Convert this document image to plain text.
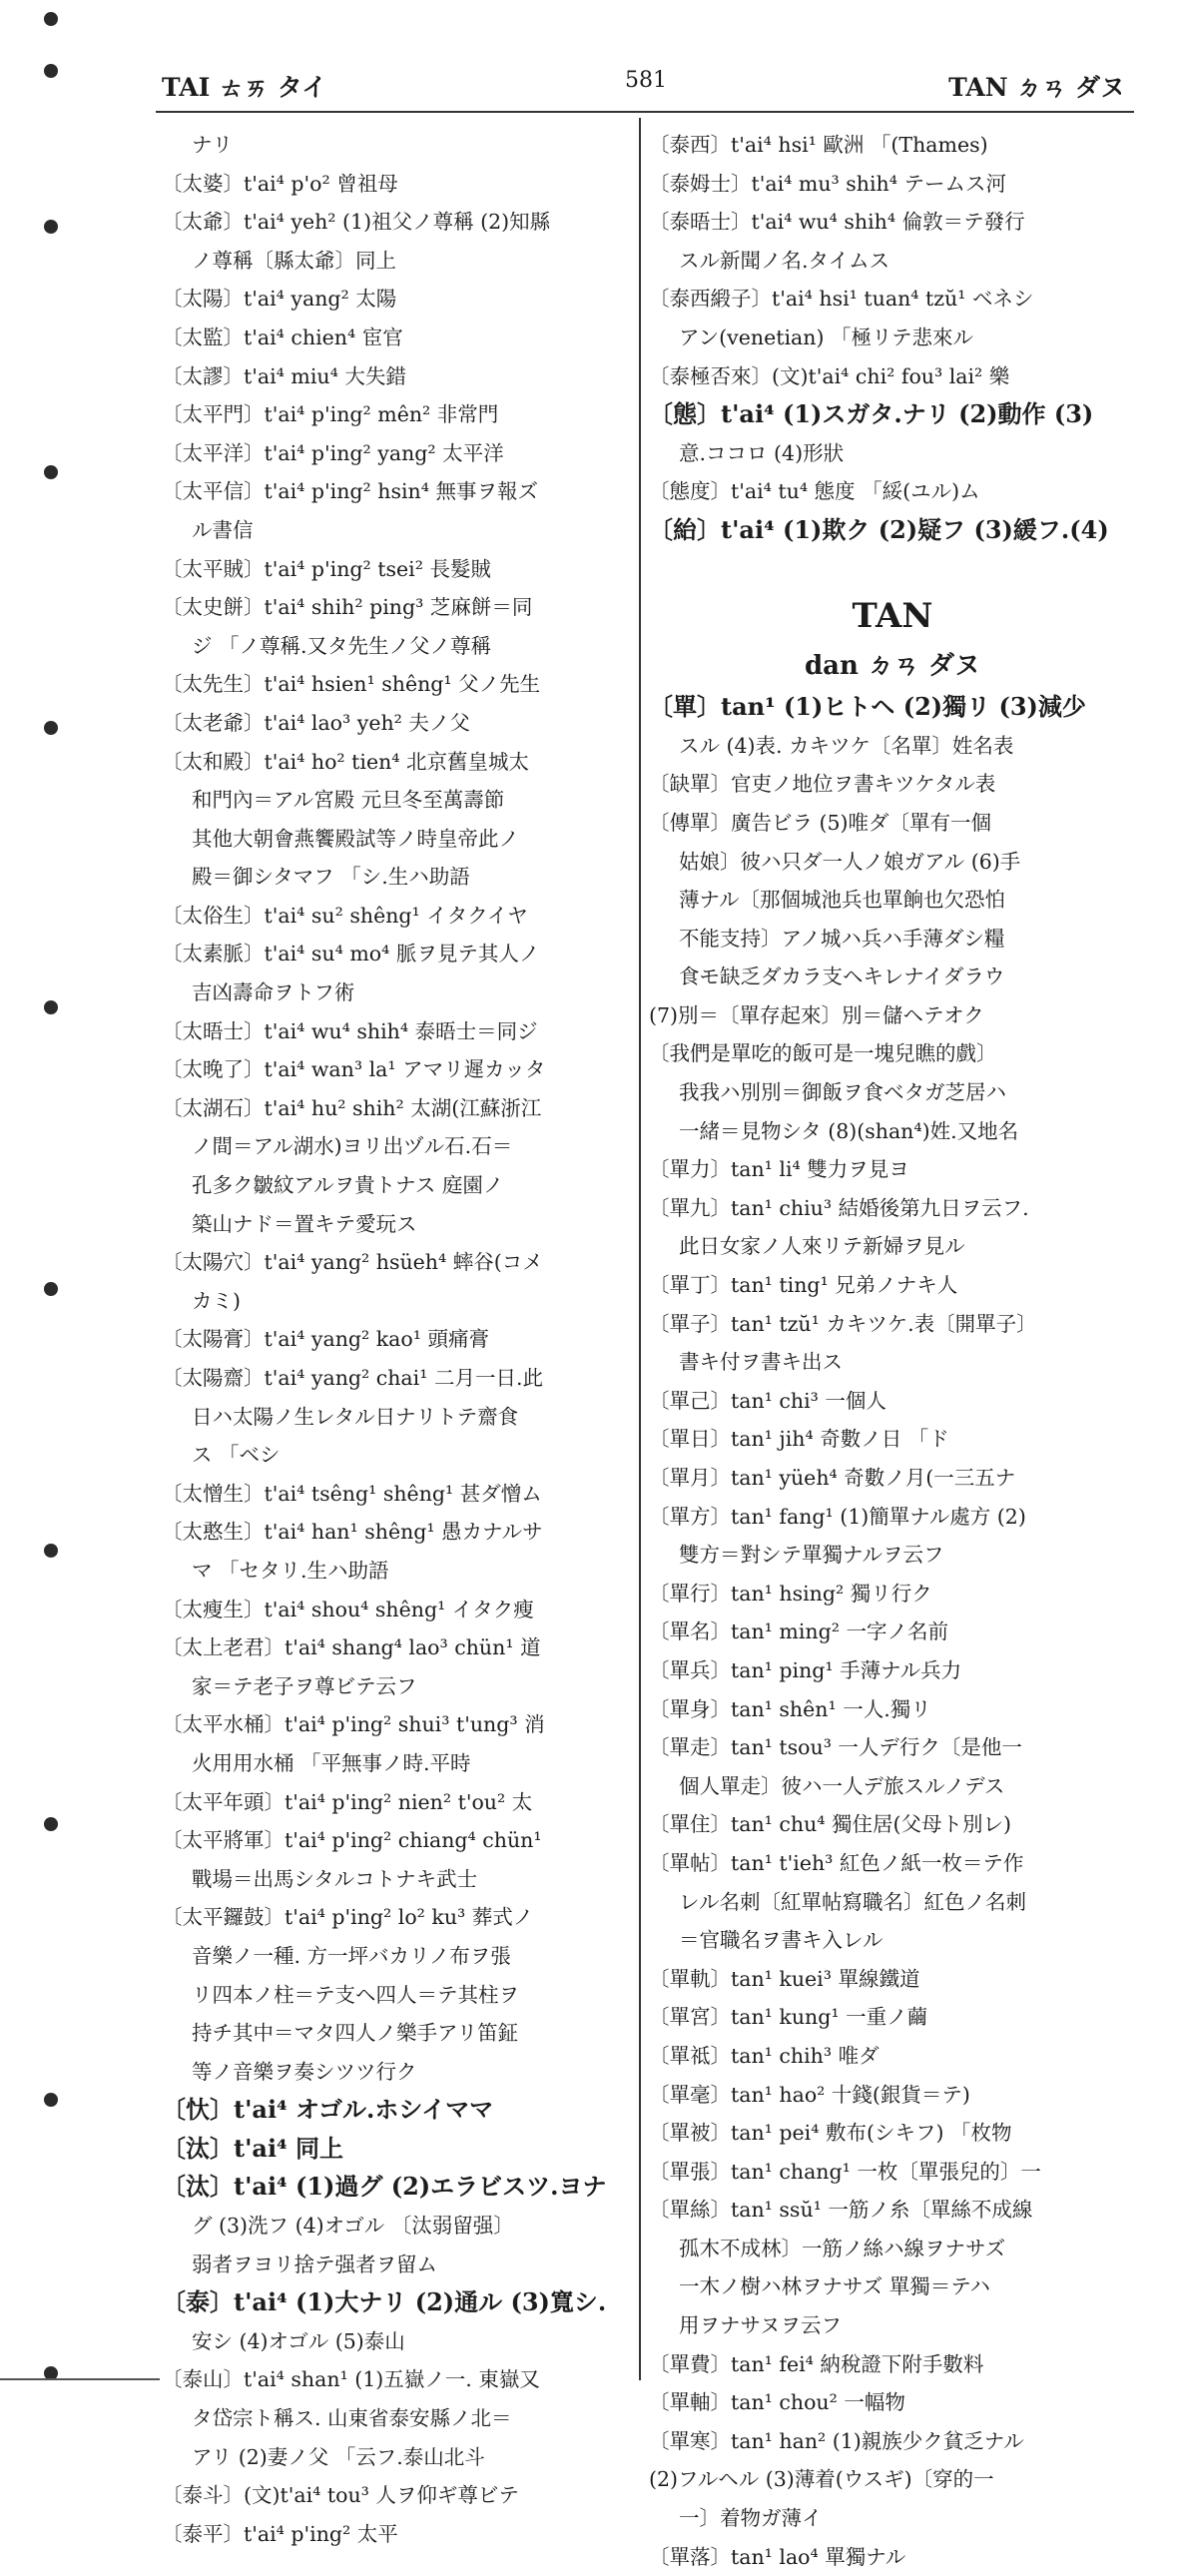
TAI ㄊㄞ タイ	581	TAN ㄉㄢ ダヌ
ナリ
〔太婆〕t'ai⁴ p'o² 曾祖母
〔太爺〕t'ai⁴ yeh² (1)祖父ノ尊稱 (2)知縣
ノ尊稱〔縣太爺〕同上
〔太陽〕t'ai⁴ yang² 太陽
〔太監〕t'ai⁴ chien⁴ 宦官
〔太謬〕t'ai⁴ miu⁴ 大失錯
〔太平門〕t'ai⁴ p'ing² mên² 非常門
〔太平洋〕t'ai⁴ p'ing² yang² 太平洋
〔太平信〕t'ai⁴ p'ing² hsin⁴ 無事ヲ報ズ
ル書信
〔太平賊〕t'ai⁴ p'ing² tsei² 長髮賊
〔太史餅〕t'ai⁴ shih² ping³ 芝麻餅＝同
ジ 「ノ尊稱.又タ先生ノ父ノ尊稱
〔太先生〕t'ai⁴ hsien¹ shêng¹ 父ノ先生
〔太老爺〕t'ai⁴ lao³ yeh² 夫ノ父
〔太和殿〕t'ai⁴ ho² tien⁴ 北京舊皇城太
和門內＝アル宮殿 元旦冬至萬壽節
其他大朝會燕饗殿試等ノ時皇帝此ノ
殿＝御シタマフ 「シ.生ハ助語
〔太俗生〕t'ai⁴ su² shêng¹ イタクイヤ
〔太素脈〕t'ai⁴ su⁴ mo⁴ 脈ヲ見テ其人ノ
吉凶壽命ヲトフ術
〔太晤士〕t'ai⁴ wu⁴ shih⁴ 泰晤士＝同ジ
〔太晚了〕t'ai⁴ wan³ la¹ アマリ遲カッタ
〔太湖石〕t'ai⁴ hu² shih² 太湖(江蘇浙江
ノ間＝アル湖水)ヨリ出ヅル石.石＝
孔多ク皺紋アルヲ貴トナス 庭園ノ
築山ナド＝置キテ愛玩ス
〔太陽穴〕t'ai⁴ yang² hsüeh⁴ 蟀谷(コメ
カミ)
〔太陽膏〕t'ai⁴ yang² kao¹ 頭痛膏
〔太陽齋〕t'ai⁴ yang² chai¹ 二月一日.此
日ハ太陽ノ生レタル日ナリトテ齋食
ス 「ベシ
〔太憎生〕t'ai⁴ tsêng¹ shêng¹ 甚ダ憎ム
〔太憨生〕t'ai⁴ han¹ shêng¹ 愚カナルサ
マ 「セタリ.生ハ助語
〔太瘦生〕t'ai⁴ shou⁴ shêng¹ イタク瘦
〔太上老君〕t'ai⁴ shang⁴ lao³ chün¹ 道
家＝テ老子ヲ尊ビテ云フ
〔太平水桶〕t'ai⁴ p'ing² shui³ t'ung³ 消
火用用水桶 「平無事ノ時.平時
〔太平年頭〕t'ai⁴ p'ing² nien² t'ou² 太
〔太平將軍〕t'ai⁴ p'ing² chiang⁴ chün¹
戰場＝出馬シタルコトナキ武士
〔太平鑼鼓〕t'ai⁴ p'ing² lo² ku³ 葬式ノ
音樂ノ一種. 方一坪バカリノ布ヲ張
リ四本ノ柱＝テ支ヘ四人＝テ其柱ヲ
持チ其中＝マタ四人ノ樂手アリ笛鉦
等ノ音樂ヲ奏シツツ行ク
〔忕〕t'ai⁴ オゴル.ホシイママ
〔汰〕t'ai⁴ 同上
〔汰〕t'ai⁴ (1)過グ (2)エラビスツ.ヨナ
グ (3)洗フ (4)オゴル 〔汰弱留强〕
弱者ヲヨリ捨テ强者ヲ留ム
〔泰〕t'ai⁴ (1)大ナリ (2)通ル (3)寬シ.
安シ (4)オゴル (5)泰山
〔泰山〕t'ai⁴ shan¹ (1)五嶽ノ一. 東嶽又
タ岱宗ト稱ス. 山東省泰安縣ノ北＝
アリ (2)妻ノ父 「云フ.泰山北斗
〔泰斗〕(文)t'ai⁴ tou³ 人ヲ仰ギ尊ビテ
〔泰平〕t'ai⁴ p'ing² 太平
〔泰西〕t'ai⁴ hsi¹ 歐洲 「(Thames)
〔泰姆士〕t'ai⁴ mu³ shih⁴ テームス河
〔泰晤士〕t'ai⁴ wu⁴ shih⁴ 倫敦＝テ發行
スル新聞ノ名.タイムス
〔泰西緞子〕t'ai⁴ hsi¹ tuan⁴ tzŭ¹ ベネシ
アン(venetian) 「極リテ悲來ル
〔泰極否來〕(文)t'ai⁴ chi² fou³ lai² 樂
〔態〕t'ai⁴ (1)スガタ.ナリ (2)動作 (3)
意.ココロ (4)形狀
〔態度〕t'ai⁴ tu⁴ 態度 「綏(ユル)ム
〔紿〕t'ai⁴ (1)欺ク (2)疑フ (3)緩フ.(4)
TAN
dan ㄉㄢ ダヌ
〔單〕tan¹ (1)ヒトヘ (2)獨リ (3)減少
スル (4)表. カキツケ〔名單〕姓名表
〔缺單〕官吏ノ地位ヲ書キツケタル表
〔傳單〕廣告ビラ (5)唯ダ〔單有一個
姑娘〕彼ハ只ダ一人ノ娘ガアル (6)手
薄ナル〔那個城池兵也單餉也欠恐怕
不能支持〕アノ城ハ兵ハ手薄ダシ糧
食モ缺乏ダカラ支ヘキレナイダラウ
(7)別＝〔單存起來〕別＝儲ヘテオク
〔我們是單吃的飯可是一塊兒瞧的戲〕
我我ハ別別＝御飯ヲ食ベタガ芝居ハ
一緒＝見物シタ (8)(shan⁴)姓.又地名
〔單力〕tan¹ li⁴ 雙力ヲ見ヨ
〔單九〕tan¹ chiu³ 結婚後第九日ヲ云フ.
此日女家ノ人來リテ新婦ヲ見ル
〔單丁〕tan¹ ting¹ 兄弟ノナキ人
〔單子〕tan¹ tzŭ¹ カキツケ.表〔開單子〕
書キ付ヲ書キ出ス
〔單己〕tan¹ chi³ 一個人
〔單日〕tan¹ jih⁴ 奇數ノ日 「ド
〔單月〕tan¹ yüeh⁴ 奇數ノ月(一三五ナ
〔單方〕tan¹ fang¹ (1)簡單ナル處方 (2)
雙方＝對シテ單獨ナルヲ云フ
〔單行〕tan¹ hsing² 獨リ行ク
〔單名〕tan¹ ming² 一字ノ名前
〔單兵〕tan¹ ping¹ 手薄ナル兵力
〔單身〕tan¹ shên¹ 一人.獨リ
〔單走〕tan¹ tsou³ 一人デ行ク〔是他一
個人單走〕彼ハ一人デ旅スルノデス
〔單住〕tan¹ chu⁴ 獨住居(父母ト別レ)
〔單帖〕tan¹ t'ieh³ 紅色ノ紙一枚＝テ作
レル名刺〔紅單帖寫職名〕紅色ノ名刺
＝官職名ヲ書キ入レル
〔單軌〕tan¹ kuei³ 單線鐵道
〔單宮〕tan¹ kung¹ 一重ノ繭
〔單祗〕tan¹ chih³ 唯ダ
〔單毫〕tan¹ hao² 十錢(銀貨＝テ)
〔單被〕tan¹ pei⁴ 敷布(シキフ) 「枚物
〔單張〕tan¹ chang¹ 一枚〔單張兒的〕一
〔單絲〕tan¹ ssŭ¹ 一筋ノ糸〔單絲不成線
孤木不成林〕一筋ノ絲ハ線ヲナサズ
一木ノ樹ハ林ヲナサズ 單獨＝テハ
用ヲナサヌヲ云フ
〔單費〕tan¹ fei⁴ 納稅證下附手數料
〔單軸〕tan¹ chou² 一幅物
〔單寒〕tan¹ han² (1)親族少ク貧乏ナル
(2)フルヘル (3)薄着(ウスギ)〔穿的一
一〕着物ガ薄イ
〔單落〕tan¹ lao⁴ 單獨ナル
